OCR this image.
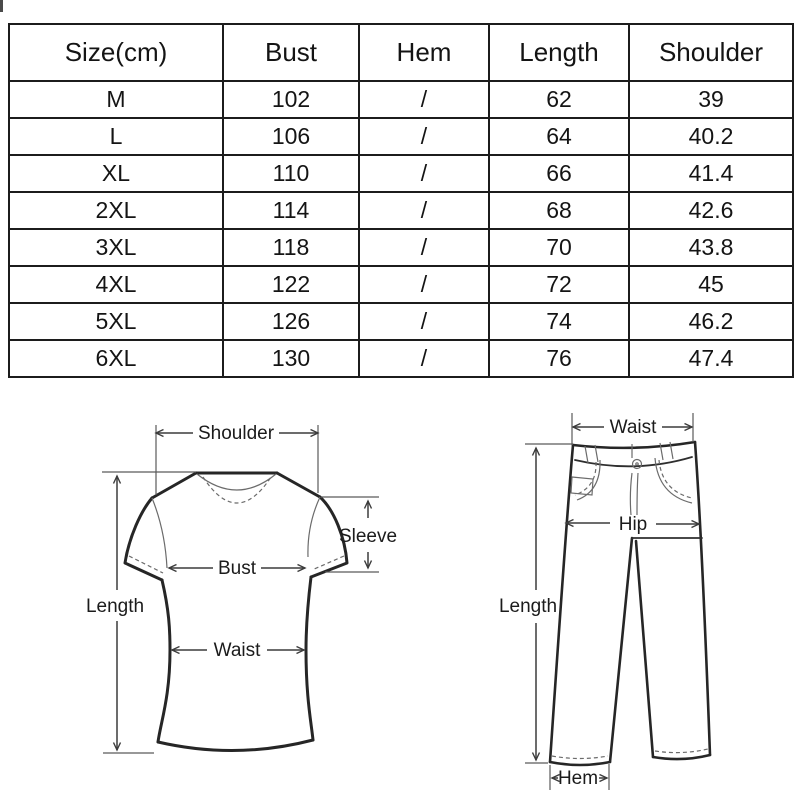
Size(cm)	Bust	Hem	Length	Shoulder
M	102	/	62	39
L	106	/	64	40.2
XL	110	/	66	41.4
2XL	114	/	68	42.6
3XL	118	/	70	43.8
4XL	122	/	72	45
5XL	126	/	74	46.2
6XL	130	/	76	47.4
Shoulder
Length
Bust
Waist
Sleeve
Waist
Hip
Length
Hem
